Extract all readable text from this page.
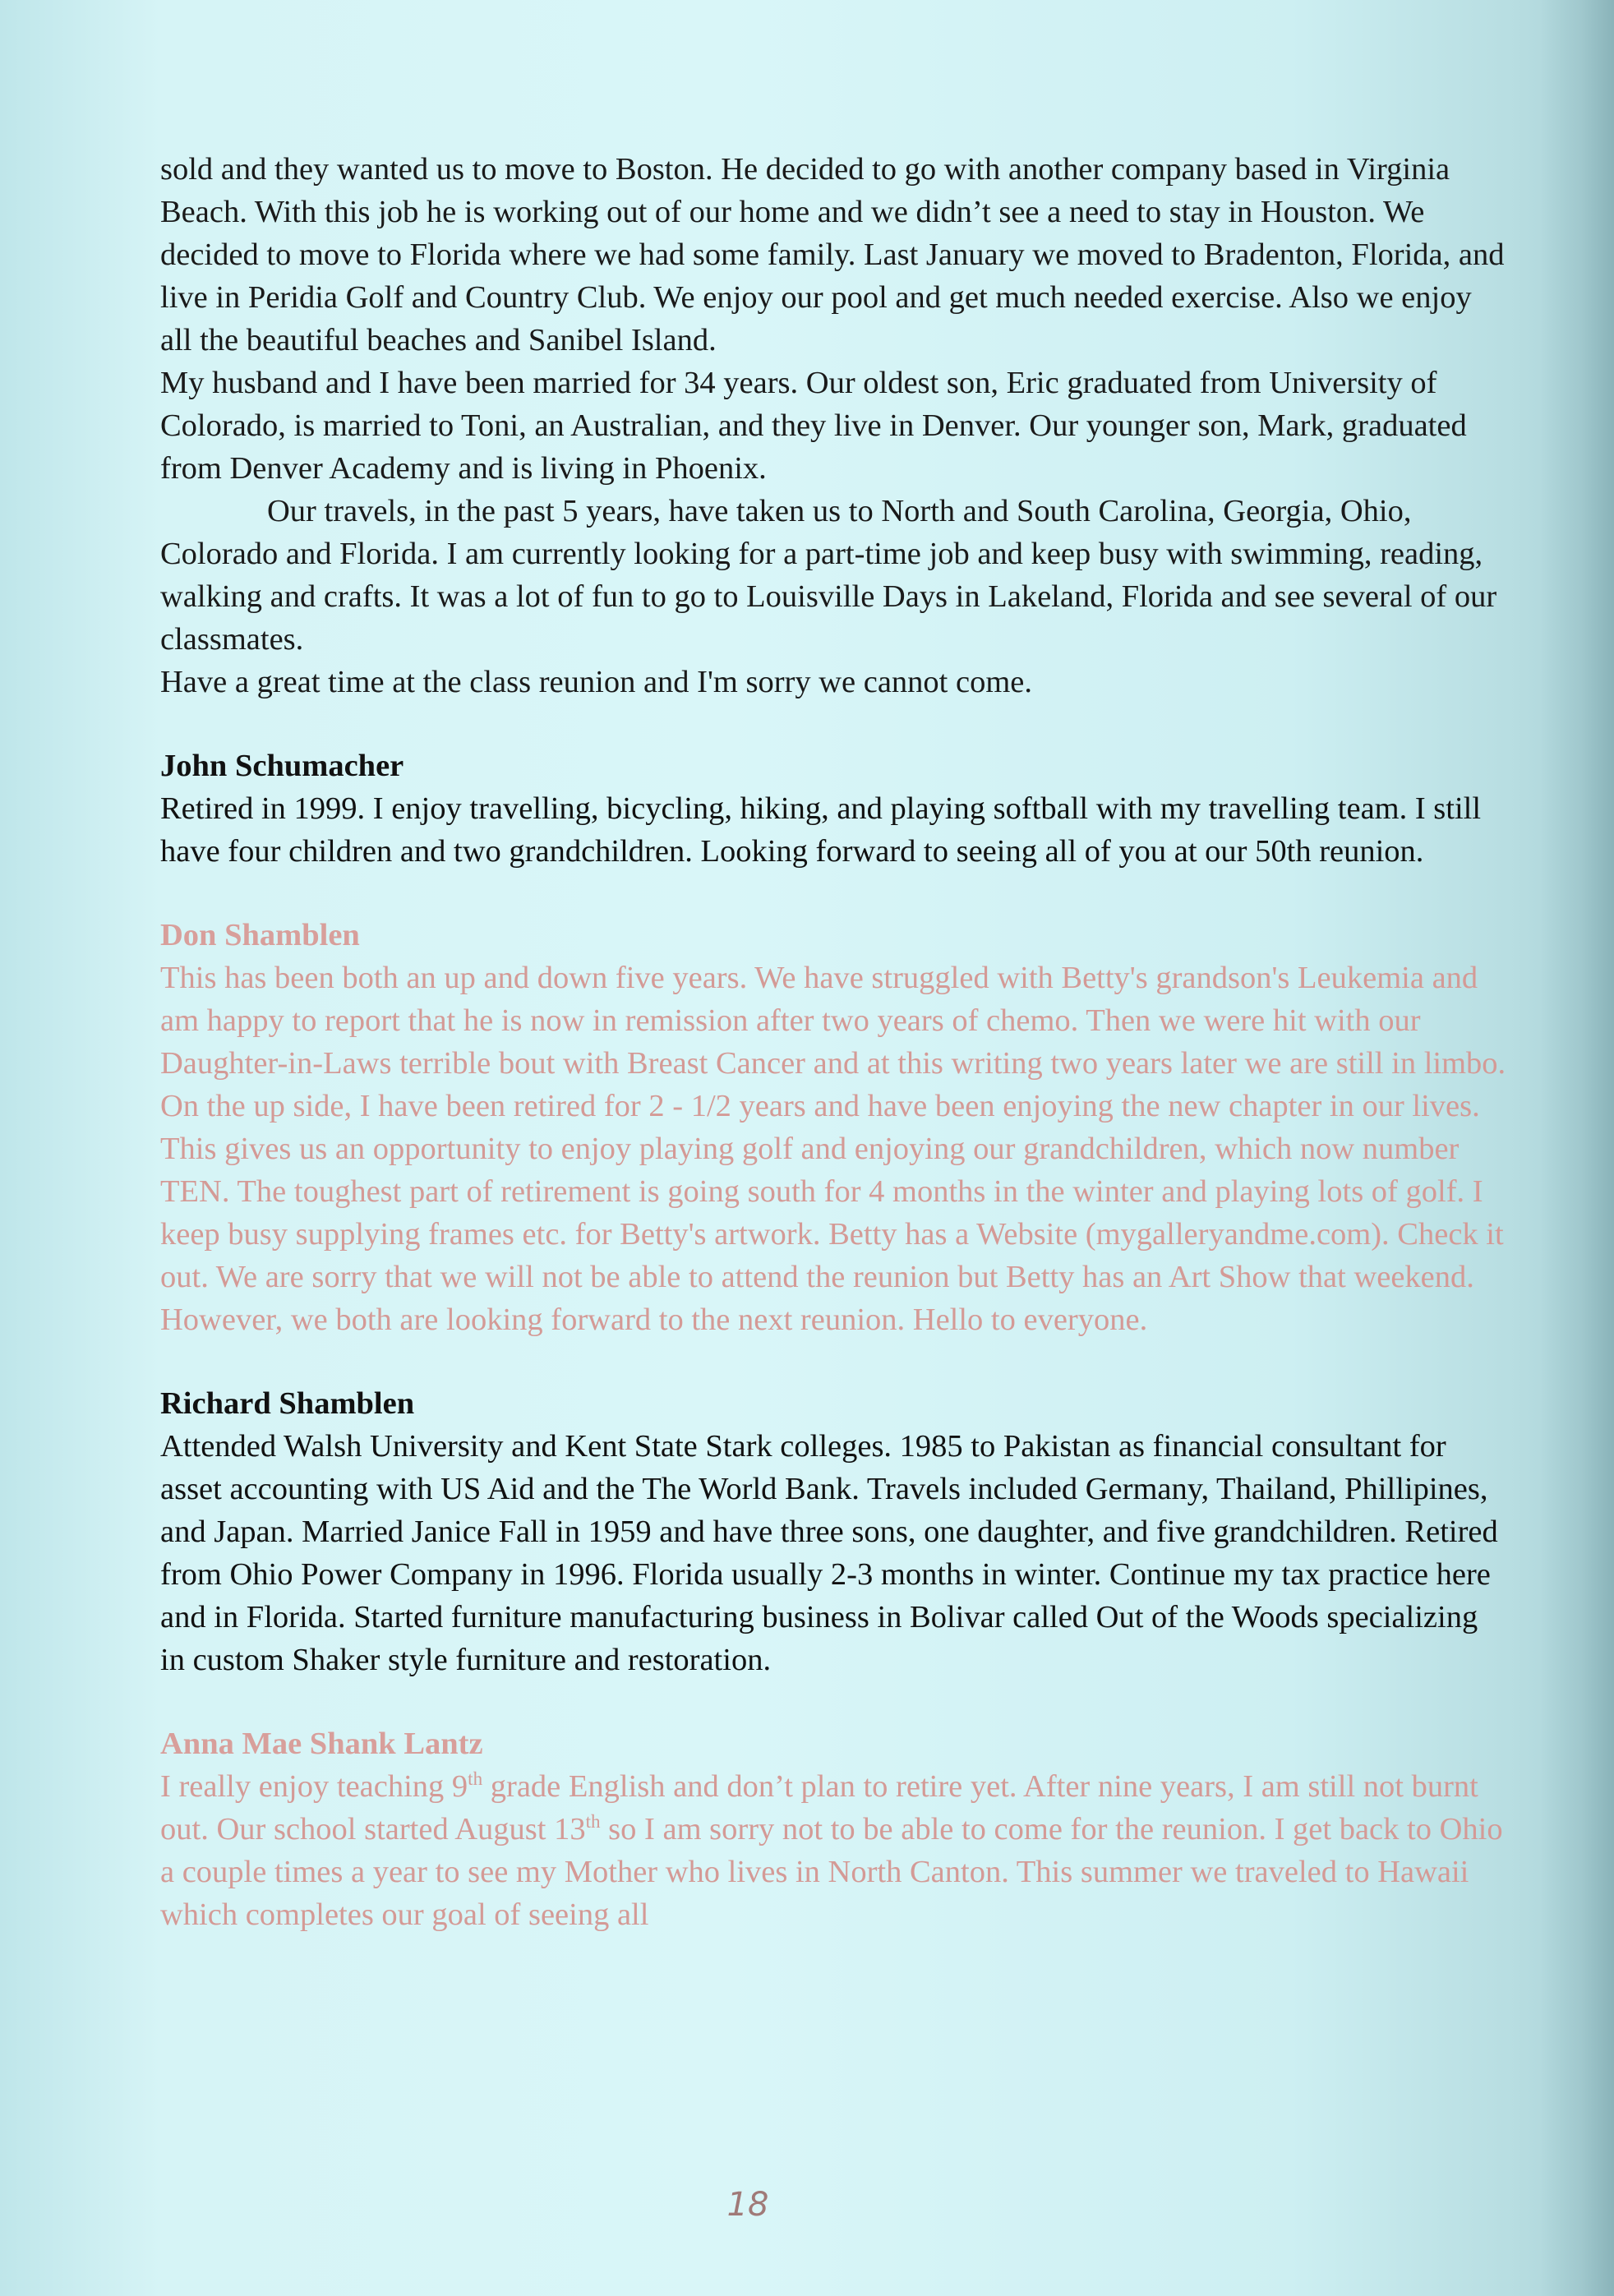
sold and they wanted us to move to Boston. He decided to go with another company based in Virginia Beach. With this job he is working out of our home and we didn’t see a need to stay in Houston. We decided to move to Florida where we had some family. Last January we moved to Bradenton, Florida, and live in Peridia Golf and Country Club. We enjoy our pool and get much needed exercise. Also we enjoy all the beautiful beaches and Sanibel Island.

My husband and I have been married for 34 years. Our oldest son, Eric graduated from University of Colorado, is married to Toni, an Australian, and they live in Denver. Our younger son, Mark, graduated from Denver Academy and is living in Phoenix.

Our travels, in the past 5 years, have taken us to North and South Carolina, Georgia, Ohio, Colorado and Florida. I am currently looking for a part-time job and keep busy with swimming, reading, walking and crafts. It was a lot of fun to go to Louisville Days in Lakeland, Florida and see several of our classmates.

Have a great time at the class reunion and I'm sorry we cannot come.

John Schumacher

Retired in 1999. I enjoy travelling, bicycling, hiking, and playing softball with my travelling team. I still have four children and two grandchildren. Looking forward to seeing all of you at our 50th reunion.

Don Shamblen

This has been both an up and down five years. We have struggled with Betty's grandson's Leukemia and am happy to report that he is now in remission after two years of chemo. Then we were hit with our Daughter-in-Laws terrible bout with Breast Cancer and at this writing two years later we are still in limbo. On the up side, I have been retired for 2 - 1/2 years and have been enjoying the new chapter in our lives. This gives us an opportunity to enjoy playing golf and enjoying our grandchildren, which now number TEN. The toughest part of retirement is going south for 4 months in the winter and playing lots of golf. I keep busy supplying frames etc. for Betty's artwork. Betty has a Website (mygalleryandme.com). Check it out. We are sorry that we will not be able to attend the reunion but Betty has an Art Show that weekend. However, we both are looking forward to the next reunion. Hello to everyone.

Richard Shamblen

Attended Walsh University and Kent State Stark colleges. 1985 to Pakistan as financial consultant for asset accounting with US Aid and the The World Bank. Travels included Germany, Thailand, Phillipines, and Japan. Married Janice Fall in 1959 and have three sons, one daughter, and five grandchildren. Retired from Ohio Power Company in 1996. Florida usually 2-3 months in winter. Continue my tax practice here and in Florida. Started furniture manufacturing business in Bolivar called Out of the Woods specializing in custom Shaker style furniture and restoration.

Anna Mae Shank Lantz

I really enjoy teaching 9th grade English and don’t plan to retire yet. After nine years, I am still not burnt out. Our school started August 13th so I am sorry not to be able to come for the reunion. I get back to Ohio a couple times a year to see my Mother who lives in North Canton. This summer we traveled to Hawaii which completes our goal of seeing all

18
